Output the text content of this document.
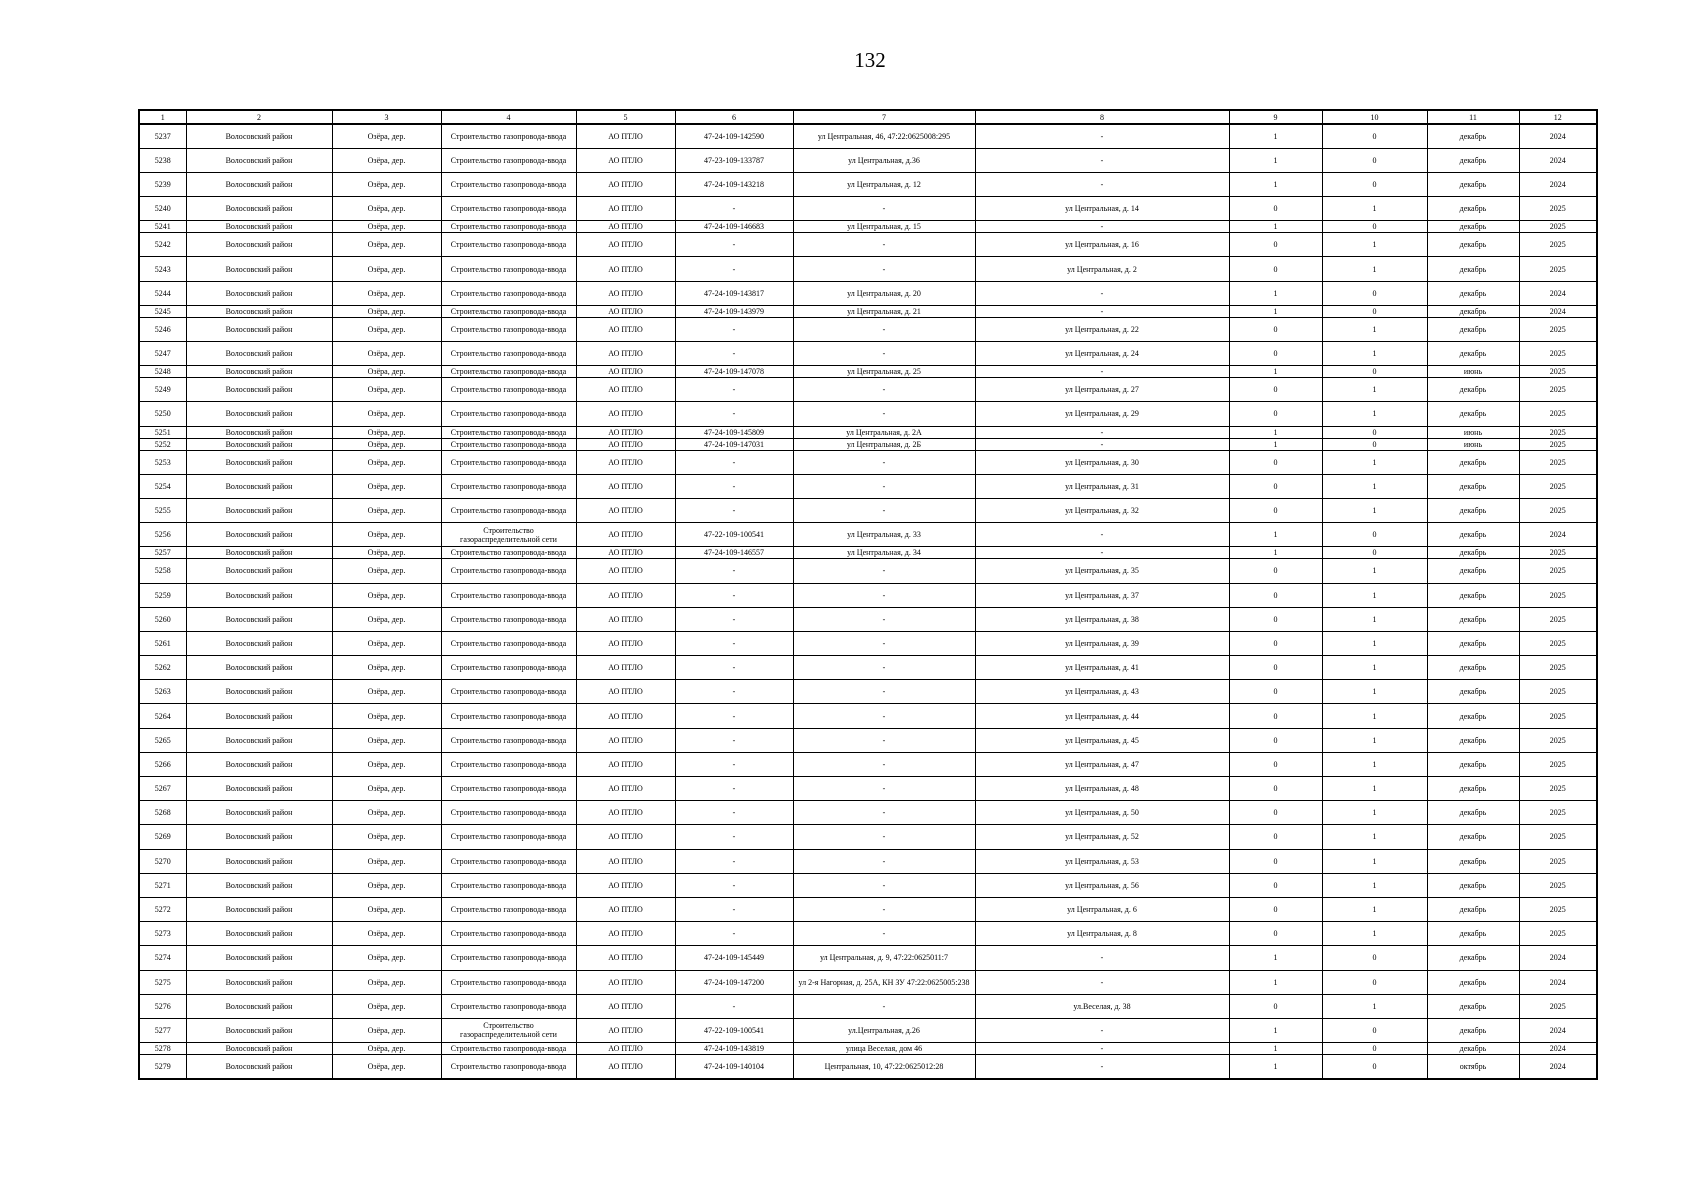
132
1	2	3	4	5	6	7	8	9	10	11	12
5237	Волосовский район	Озёра, дер.	Строительство газопровода-ввода	АО ПТЛО	47-24-109-142590	ул Центральная, 46, 47:22:0625008:295	-	1	0	декабрь	2024
5238	Волосовский район	Озёра, дер.	Строительство газопровода-ввода	АО ПТЛО	47-23-109-133787	ул Центральная, д.36	-	1	0	декабрь	2024
5239	Волосовский район	Озёра, дер.	Строительство газопровода-ввода	АО ПТЛО	47-24-109-143218	ул Центральная, д. 12	-	1	0	декабрь	2024
5240	Волосовский район	Озёра, дер.	Строительство газопровода-ввода	АО ПТЛО	-	-	ул Центральная, д. 14	0	1	декабрь	2025
5241	Волосовский район	Озёра, дер.	Строительство газопровода-ввода	АО ПТЛО	47-24-109-146683	ул Центральная, д. 15	-	1	0	декабрь	2025
5242	Волосовский район	Озёра, дер.	Строительство газопровода-ввода	АО ПТЛО	-	-	ул Центральная, д. 16	0	1	декабрь	2025
5243	Волосовский район	Озёра, дер.	Строительство газопровода-ввода	АО ПТЛО	-	-	ул Центральная, д. 2	0	1	декабрь	2025
5244	Волосовский район	Озёра, дер.	Строительство газопровода-ввода	АО ПТЛО	47-24-109-143817	ул Центральная, д. 20	-	1	0	декабрь	2024
5245	Волосовский район	Озёра, дер.	Строительство газопровода-ввода	АО ПТЛО	47-24-109-143979	ул Центральная, д. 21	-	1	0	декабрь	2024
5246	Волосовский район	Озёра, дер.	Строительство газопровода-ввода	АО ПТЛО	-	-	ул Центральная, д. 22	0	1	декабрь	2025
5247	Волосовский район	Озёра, дер.	Строительство газопровода-ввода	АО ПТЛО	-	-	ул Центральная, д. 24	0	1	декабрь	2025
5248	Волосовский район	Озёра, дер.	Строительство газопровода-ввода	АО ПТЛО	47-24-109-147078	ул Центральная, д. 25	-	1	0	июнь	2025
5249	Волосовский район	Озёра, дер.	Строительство газопровода-ввода	АО ПТЛО	-	-	ул Центральная, д. 27	0	1	декабрь	2025
5250	Волосовский район	Озёра, дер.	Строительство газопровода-ввода	АО ПТЛО	-	-	ул Центральная, д. 29	0	1	декабрь	2025
5251	Волосовский район	Озёра, дер.	Строительство газопровода-ввода	АО ПТЛО	47-24-109-145809	ул Центральная, д. 2А	-	1	0	июнь	2025
5252	Волосовский район	Озёра, дер.	Строительство газопровода-ввода	АО ПТЛО	47-24-109-147031	ул Центральная, д. 2Б	-	1	0	июнь	2025
5253	Волосовский район	Озёра, дер.	Строительство газопровода-ввода	АО ПТЛО	-	-	ул Центральная, д. 30	0	1	декабрь	2025
5254	Волосовский район	Озёра, дер.	Строительство газопровода-ввода	АО ПТЛО	-	-	ул Центральная, д. 31	0	1	декабрь	2025
5255	Волосовский район	Озёра, дер.	Строительство газопровода-ввода	АО ПТЛО	-	-	ул Центральная, д. 32	0	1	декабрь	2025
5256	Волосовский район	Озёра, дер.	Строительство газораспределительной сети	АО ПТЛО	47-22-109-100541	ул Центральная, д. 33	-	1	0	декабрь	2024
5257	Волосовский район	Озёра, дер.	Строительство газопровода-ввода	АО ПТЛО	47-24-109-146557	ул Центральная, д. 34	-	1	0	декабрь	2025
5258	Волосовский район	Озёра, дер.	Строительство газопровода-ввода	АО ПТЛО	-	-	ул Центральная, д. 35	0	1	декабрь	2025
5259	Волосовский район	Озёра, дер.	Строительство газопровода-ввода	АО ПТЛО	-	-	ул Центральная, д. 37	0	1	декабрь	2025
5260	Волосовский район	Озёра, дер.	Строительство газопровода-ввода	АО ПТЛО	-	-	ул Центральная, д. 38	0	1	декабрь	2025
5261	Волосовский район	Озёра, дер.	Строительство газопровода-ввода	АО ПТЛО	-	-	ул Центральная, д. 39	0	1	декабрь	2025
5262	Волосовский район	Озёра, дер.	Строительство газопровода-ввода	АО ПТЛО	-	-	ул Центральная, д. 41	0	1	декабрь	2025
5263	Волосовский район	Озёра, дер.	Строительство газопровода-ввода	АО ПТЛО	-	-	ул Центральная, д. 43	0	1	декабрь	2025
5264	Волосовский район	Озёра, дер.	Строительство газопровода-ввода	АО ПТЛО	-	-	ул Центральная, д. 44	0	1	декабрь	2025
5265	Волосовский район	Озёра, дер.	Строительство газопровода-ввода	АО ПТЛО	-	-	ул Центральная, д. 45	0	1	декабрь	2025
5266	Волосовский район	Озёра, дер.	Строительство газопровода-ввода	АО ПТЛО	-	-	ул Центральная, д. 47	0	1	декабрь	2025
5267	Волосовский район	Озёра, дер.	Строительство газопровода-ввода	АО ПТЛО	-	-	ул Центральная, д. 48	0	1	декабрь	2025
5268	Волосовский район	Озёра, дер.	Строительство газопровода-ввода	АО ПТЛО	-	-	ул Центральная, д. 50	0	1	декабрь	2025
5269	Волосовский район	Озёра, дер.	Строительство газопровода-ввода	АО ПТЛО	-	-	ул Центральная, д. 52	0	1	декабрь	2025
5270	Волосовский район	Озёра, дер.	Строительство газопровода-ввода	АО ПТЛО	-	-	ул Центральная, д. 53	0	1	декабрь	2025
5271	Волосовский район	Озёра, дер.	Строительство газопровода-ввода	АО ПТЛО	-	-	ул Центральная, д. 56	0	1	декабрь	2025
5272	Волосовский район	Озёра, дер.	Строительство газопровода-ввода	АО ПТЛО	-	-	ул Центральная, д. 6	0	1	декабрь	2025
5273	Волосовский район	Озёра, дер.	Строительство газопровода-ввода	АО ПТЛО	-	-	ул Центральная, д. 8	0	1	декабрь	2025
5274	Волосовский район	Озёра, дер.	Строительство газопровода-ввода	АО ПТЛО	47-24-109-145449	ул Центральная, д. 9, 47:22:0625011:7	-	1	0	декабрь	2024
5275	Волосовский район	Озёра, дер.	Строительство газопровода-ввода	АО ПТЛО	47-24-109-147200	ул 2-я Нагорная, д. 25А, КН ЗУ 47:22:0625005:238	-	1	0	декабрь	2024
5276	Волосовский район	Озёра, дер.	Строительство газопровода-ввода	АО ПТЛО	-	-	ул.Веселая, д. 38	0	1	декабрь	2025
5277	Волосовский район	Озёра, дер.	Строительство газораспределительной сети	АО ПТЛО	47-22-109-100541	ул.Центральная, д.26	-	1	0	декабрь	2024
5278	Волосовский район	Озёра, дер.	Строительство газопровода-ввода	АО ПТЛО	47-24-109-143819	улица Веселая, дом 46	-	1	0	декабрь	2024
5279	Волосовский район	Озёра, дер.	Строительство газопровода-ввода	АО ПТЛО	47-24-109-140104	Центральная, 10, 47:22:0625012:28	-	1	0	октябрь	2024
